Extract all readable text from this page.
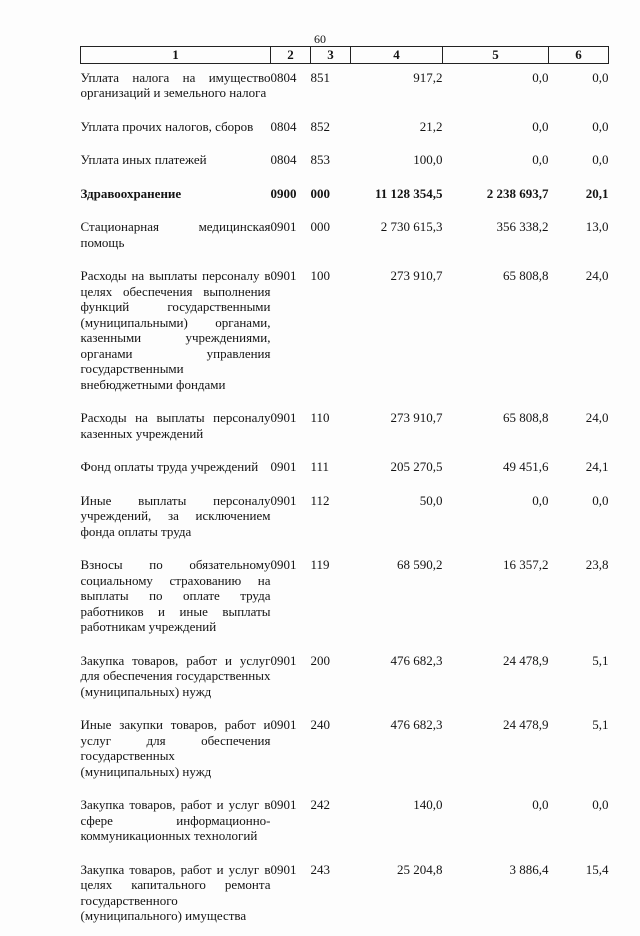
60
1	2	3	4	5	6
Уплата налога на имущество организаций и земельного налога	0804	851	917,2	0,0	0,0
Уплата прочих налогов, сборов	0804	852	21,2	0,0	0,0
Уплата иных платежей	0804	853	100,0	0,0	0,0
Здравоохранение	0900	000	11 128 354,5	2 238 693,7	20,1
Стационарная медицинская помощь	0901	000	2 730 615,3	356 338,2	13,0
Расходы на выплаты персоналу в целях обеспечения выполнения функций государственными (муниципальными) органами, казенными учреждениями, органами управления государственными внебюджетными фондами	0901	100	273 910,7	65 808,8	24,0
Расходы на выплаты персоналу казенных учреждений	0901	110	273 910,7	65 808,8	24,0
Фонд оплаты труда учреждений	0901	111	205 270,5	49 451,6	24,1
Иные выплаты персоналу учреждений, за исключением фонда оплаты труда	0901	112	50,0	0,0	0,0
Взносы по обязательному социальному страхованию на выплаты по оплате труда работников и иные выплаты работникам учреждений	0901	119	68 590,2	16 357,2	23,8
Закупка товаров, работ и услуг для обеспечения государственных (муниципальных) нужд	0901	200	476 682,3	24 478,9	5,1
Иные закупки товаров, работ и услуг для обеспечения государственных (муниципальных) нужд	0901	240	476 682,3	24 478,9	5,1
Закупка товаров, работ и услуг в сфере информационно-коммуникационных технологий	0901	242	140,0	0,0	0,0
Закупка товаров, работ и услуг в целях капитального ремонта государственного (муниципального) имущества	0901	243	25 204,8	3 886,4	15,4
